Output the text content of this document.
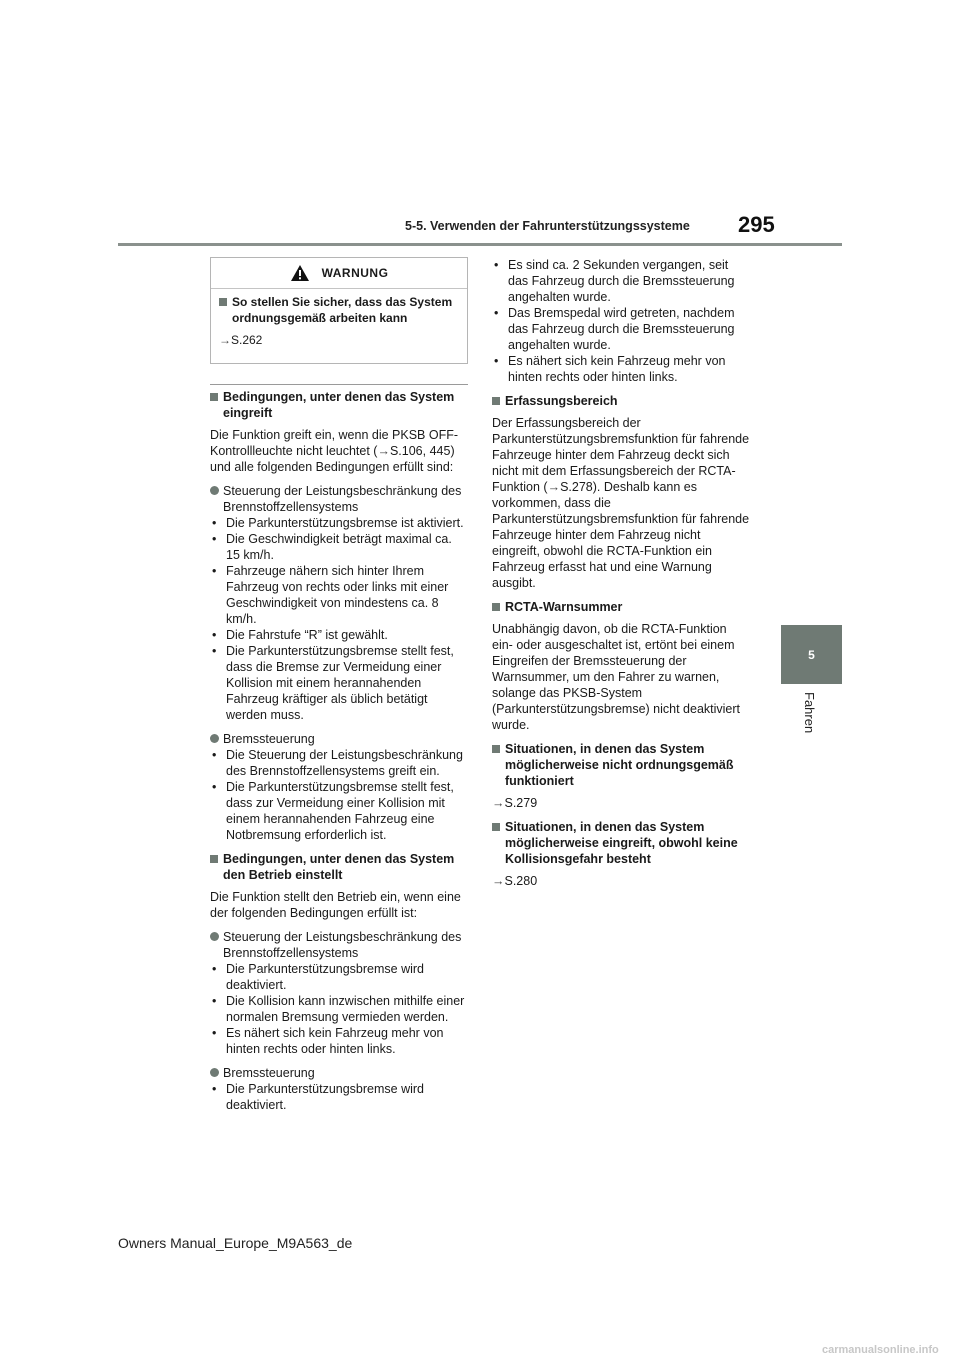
5-5. Verwenden der Fahrunterstützungssysteme 295
5
Fahren
WARNUNG
So stellen Sie sicher, dass das System ordnungsgemäß arbeiten kann
→S.262
Bedingungen, unter denen das System eingreift

Die Funktion greift ein, wenn die PKSB OFF-Kontrollleuchte nicht leuchtet (→S.106, 445) und alle folgenden Bedingungen erfüllt sind:

Steuerung der Leistungsbeschränkung des Brennstoffzellensystems
• Die Parkunterstützungsbremse ist aktiviert.
• Die Geschwindigkeit beträgt maximal ca. 15 km/h.
• Fahrzeuge nähern sich hinter Ihrem Fahrzeug von rechts oder links mit einer Geschwindigkeit von mindestens ca. 8 km/h.
• Die Fahrstufe “R” ist gewählt.
• Die Parkunterstützungsbremse stellt fest, dass die Bremse zur Vermeidung einer Kollision mit einem herannahenden Fahrzeug kräftiger als üblich betätigt werden muss.
Bremssteuerung
• Die Steuerung der Leistungsbeschränkung des Brennstoffzellensystems greift ein.
• Die Parkunterstützungsbremse stellt fest, dass zur Vermeidung einer Kollision mit einem herannahenden Fahrzeug eine Notbremsung erforderlich ist.
Bedingungen, unter denen das System den Betrieb einstellt

Die Funktion stellt den Betrieb ein, wenn eine der folgenden Bedingungen erfüllt ist:

Steuerung der Leistungsbeschränkung des Brennstoffzellensystems
• Die Parkunterstützungsbremse wird deaktiviert.
• Die Kollision kann inzwischen mithilfe einer normalen Bremsung vermieden werden.
• Es nähert sich kein Fahrzeug mehr von hinten rechts oder hinten links.
Bremssteuerung
• Die Parkunterstützungsbremse wird deaktiviert.
• Es sind ca. 2 Sekunden vergangen, seit das Fahrzeug durch die Bremssteuerung angehalten wurde.
• Das Bremspedal wird getreten, nachdem das Fahrzeug durch die Bremssteuerung angehalten wurde.
• Es nähert sich kein Fahrzeug mehr von hinten rechts oder hinten links.
Erfassungsbereich

Der Erfassungsbereich der Parkunterstützungsbremsfunktion für fahrende Fahrzeuge hinter dem Fahrzeug deckt sich nicht mit dem Erfassungsbereich der RCTA-Funktion (→S.278). Deshalb kann es vorkommen, dass die Parkunterstützungsbremsfunktion für fahrende Fahrzeuge hinter dem Fahrzeug nicht eingreift, obwohl die RCTA-Funktion ein Fahrzeug erfasst hat und eine Warnung ausgibt.

RCTA-Warnsummer

Unabhängig davon, ob die RCTA-Funktion ein- oder ausgeschaltet ist, ertönt bei einem Eingreifen der Bremssteuerung der Warnsummer, um den Fahrer zu warnen, solange das PKSB-System (Parkunterstützungsbremse) nicht deaktiviert wurde.

Situationen, in denen das System möglicherweise nicht ordnungsgemäß funktioniert
→S.279
Situationen, in denen das System möglicherweise eingreift, obwohl keine Kollisionsgefahr besteht
→S.280
Owners Manual_Europe_M9A563_de
carmanualsonline.info
